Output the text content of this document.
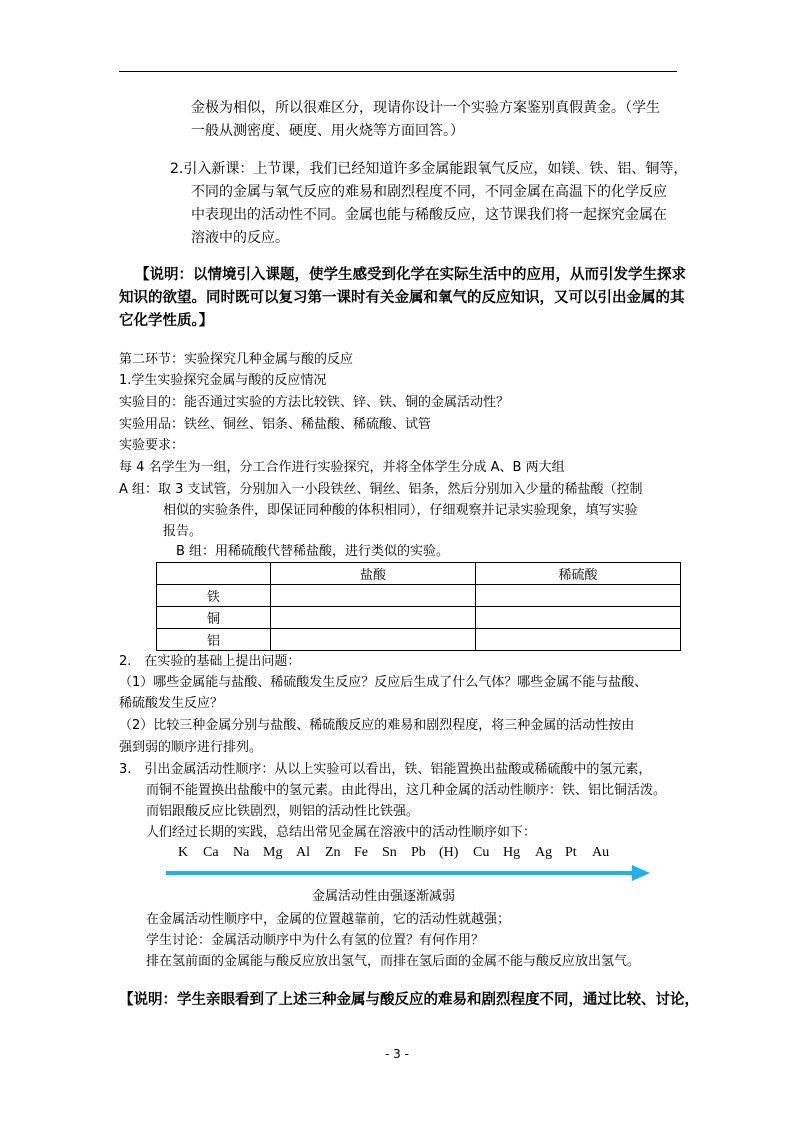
金极为相似，所以很难区分，现请你设计一个实验方案鉴别真假黄金。（学生
一般从测密度、硬度、用火烧等方面回答。）
2.引入新课：上节课，我们已经知道许多金属能跟氧气反应，如镁、铁、铝、铜等，
不同的金属与氧气反应的难易和剧烈程度不同，不同金属在高温下的化学反应
中表现出的活动性不同。金属也能与稀酸反应，这节课我们将一起探究金属在
溶液中的反应。
【说明：以情境引入课题，使学生感受到化学在实际生活中的应用，从而引发学生探求
知识的欲望。同时既可以复习第一课时有关金属和氧气的反应知识，又可以引出金属的其
它化学性质。】
第二环节：实验探究几种金属与酸的反应
1.学生实验探究金属与酸的反应情况
实验目的：能否通过实验的方法比较铁、锌、铁、铜的金属活动性？
实验用品：铁丝、铜丝、铝条、稀盐酸、稀硫酸、试管
实验要求：
每 4 名学生为一组，分工合作进行实验探究，并将全体学生分成 A、B 两大组
A 组：取 3 支试管，分别加入一小段铁丝、铜丝、铝条，然后分别加入少量的稀盐酸（控制
相似的实验条件，即保证同种酸的体积相同），仔细观察并记录实验现象，填写实验
报告。
B 组：用稀硫酸代替稀盐酸，进行类似的实验。
	盐酸	稀硫酸
铁		
铜		
铝		
2.　在实验的基础上提出问题：
（1）哪些金属能与盐酸、稀硫酸发生反应？反应后生成了什么气体？哪些金属不能与盐酸、
稀硫酸发生反应？
（2）比较三种金属分别与盐酸、稀硫酸反应的难易和剧烈程度，将三种金属的活动性按由
强到弱的顺序进行排列。
3.　引出金属活动性顺序：从以上实验可以看出，铁、铝能置换出盐酸或稀硫酸中的氢元素，
而铜不能置换出盐酸中的氢元素。由此得出，这几种金属的活动性顺序：铁、铝比铜活泼。
而铝跟酸反应比铁剧烈，则铝的活动性比铁强。
人们经过长期的实践，总结出常见金属在溶液中的活动性顺序如下：
K Ca Na Mg Al Zn Fe Sn Pb (H) Cu Hg Ag Pt Au
金属活动性由强逐渐减弱
在金属活动性顺序中，金属的位置越靠前，它的活动性就越强；
学生讨论：金属活动顺序中为什么有氢的位置？有何作用？
排在氢前面的金属能与酸反应放出氢气，而排在氢后面的金属不能与酸反应放出氢气。
【说明：学生亲眼看到了上述三种金属与酸反应的难易和剧烈程度不同，通过比较、讨论，
- 3 -
